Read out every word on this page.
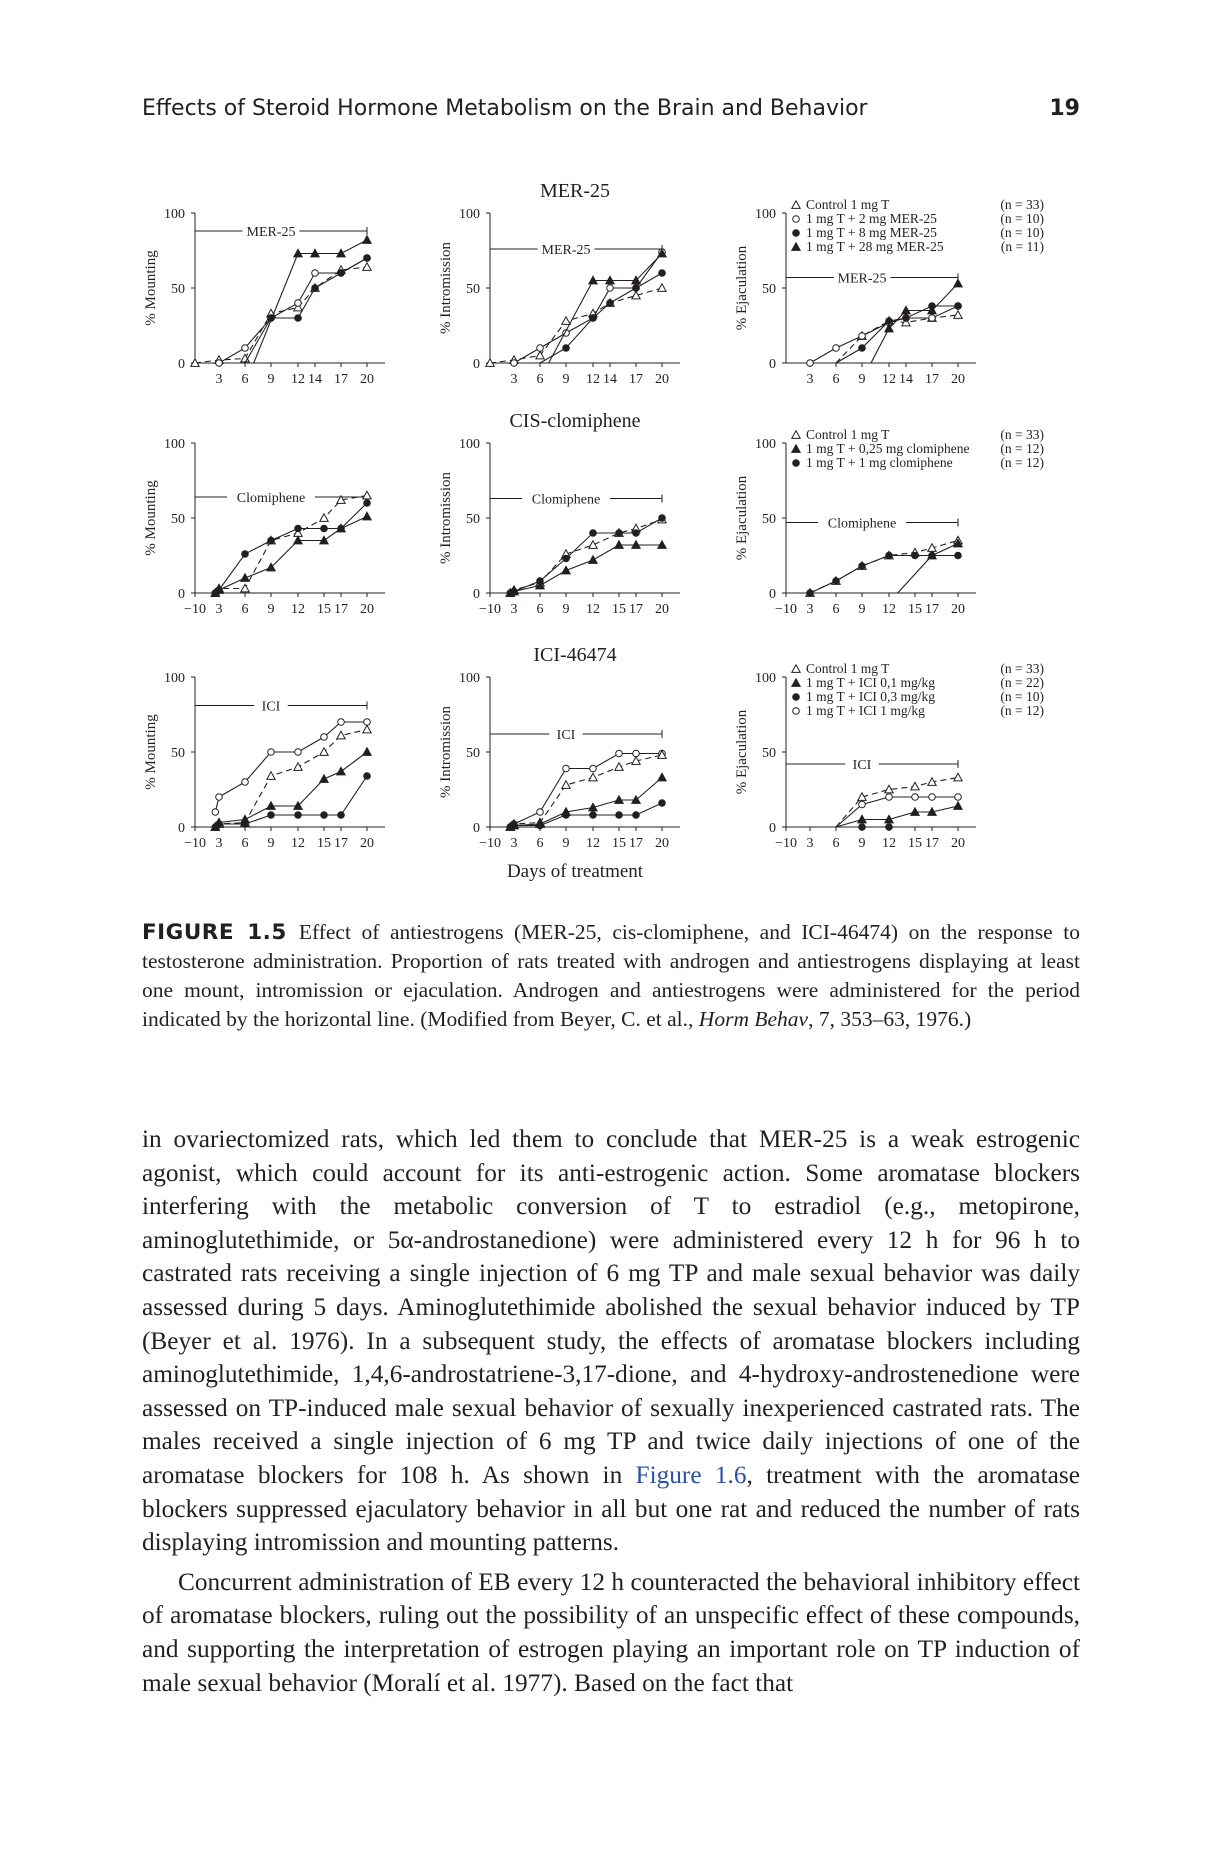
Effects of Steroid Hormone Metabolism on the Brain and Behavior	19
MER-25
0
50
100
% Mounting
3 6 9 12 14 17 20
MER-25
0
50
100
% Intromission
3 6 9 12 14 17 20
MER-25
0
50
100
% Ejaculation
3 6 9 12 14 17 20
MER-25
Control 1 mg T	(n = 33)
1 mg T + 2 mg MER-25	(n = 10)
1 mg T + 8 mg MER-25	(n = 10)
1 mg T + 28 mg MER-25	(n = 11)
CIS-clomiphene
0
50
100
% Mounting
−10 3 6 9 12 15 17 20
Clomiphene
0
50
100
% Intromission
−10 3 6 9 12 15 17 20
Clomiphene
0
50
100
% Ejaculation
−10 3 6 9 12 15 17 20
Clomiphene
Control 1 mg T	(n = 33)
1 mg T + 0,25 mg clomiphene (n = 12)
1 mg T + 1 mg clomiphene	(n = 12)
ICI-46474
0
50
100
% Mounting
−10 3 6 9 12 15 17 20
ICI
0
50
100
% Intromission
−10 3 6 9 12 15 17 20
ICI
0
50
100
% Ejaculation
−10 3 6 9 12 15 17 20
ICI
Control 1 mg T	(n = 33)
1 mg T + ICI 0,1 mg/kg	(n = 22)
1 mg T + ICI 0,3 mg/kg	(n = 10)
1 mg T + ICI 1 mg/kg	(n = 12)
Days of treatment
FIGURE 1.5 Effect of antiestrogens (MER-25, cis-clomiphene, and ICI-46474) on the response to testosterone administration. Proportion of rats treated with androgen and antiestrogens displaying at least one mount, intromission or ejaculation. Androgen and antiestrogens were administered for the period indicated by the horizontal line. (Modified from Beyer, C. et al., Horm Behav, 7, 353–63, 1976.)

in ovariectomized rats, which led them to conclude that MER-25 is a weak estrogenic agonist, which could account for its anti-estrogenic action. Some aromatase blockers interfering with the metabolic conversion of T to estradiol (e.g., metopirone, aminoglutethimide, or 5α-androstanedione) were administered every 12 h for 96 h to castrated rats receiving a single injection of 6 mg TP and male sexual behavior was daily assessed during 5 days. Aminoglutethimide abolished the sexual behavior induced by TP (Beyer et al. 1976). In a subsequent study, the effects of aromatase blockers including aminoglutethimide, 1,4,6-androstatriene-3,17-dione, and 4-hydroxy-androstenedione were assessed on TP-induced male sexual behavior of sexually inexperienced castrated rats. The males received a single injection of 6 mg TP and twice daily injections of one of the aromatase blockers for 108 h. As shown in Figure 1.6, treatment with the aromatase blockers suppressed ejaculatory behavior in all but one rat and reduced the number of rats displaying intromission and mounting patterns.

Concurrent administration of EB every 12 h counteracted the behavioral inhibitory effect of aromatase blockers, ruling out the possibility of an unspecific effect of these compounds, and supporting the interpretation of estrogen playing an important role on TP induction of male sexual behavior (Moralí et al. 1977). Based on the fact that
